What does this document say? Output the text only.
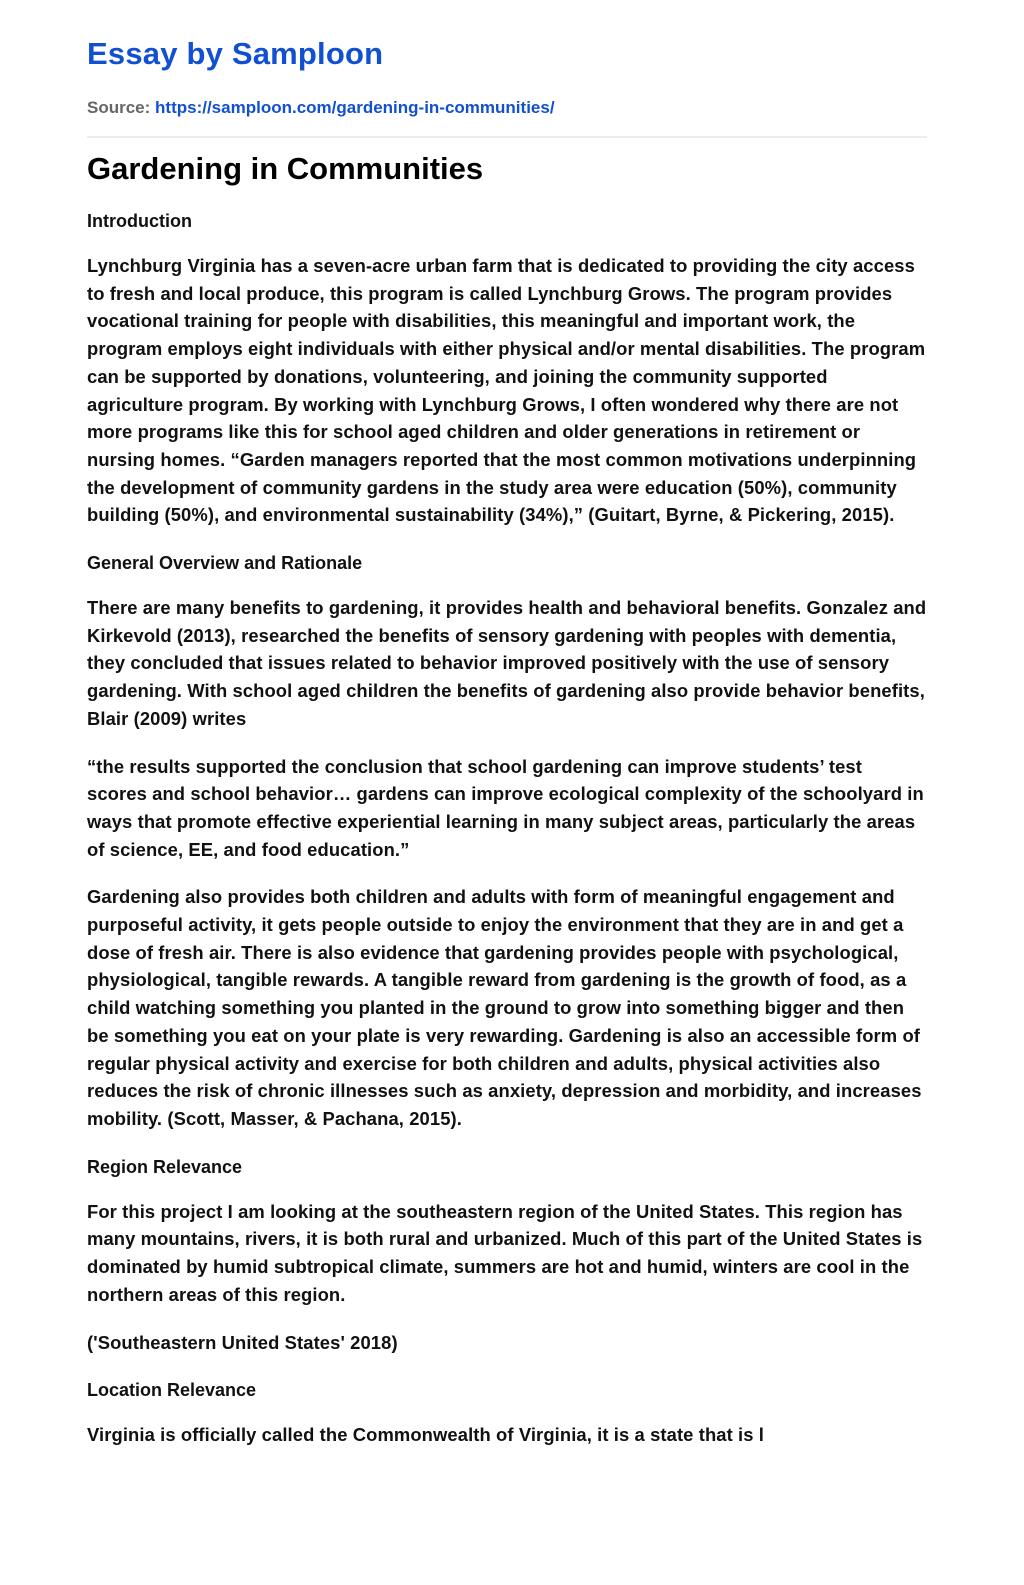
Essay by Samploon
Source: https://samploon.com/gardening-in-communities/
Gardening in Communities
Introduction

Lynchburg Virginia has a seven-acre urban farm that is dedicated to providing the city access to fresh and local produce, this program is called Lynchburg Grows. The program provides vocational training for people with disabilities, this meaningful and important work, the program employs eight individuals with either physical and/or mental disabilities. The program can be supported by donations, volunteering, and joining the community supported agriculture program. By working with Lynchburg Grows, I often wondered why there are not more programs like this for school aged children and older generations in retirement or nursing homes. “Garden managers reported that the most common motivations underpinning the development of community gardens in the study area were education (50%), community building (50%), and environmental sustainability (34%),” (Guitart, Byrne, & Pickering, 2015).

General Overview and Rationale

There are many benefits to gardening, it provides health and behavioral benefits. Gonzalez and Kirkevold (2013), researched the benefits of sensory gardening with peoples with dementia, they concluded that issues related to behavior improved positively with the use of sensory gardening. With school aged children the benefits of gardening also provide behavior benefits, Blair (2009) writes

“the results supported the conclusion that school gardening can improve students’ test scores and school behavior… gardens can improve ecological complexity of the schoolyard in ways that promote effective experiential learning in many subject areas, particularly the areas of science, EE, and food education.”

Gardening also provides both children and adults with form of meaningful engagement and purposeful activity, it gets people outside to enjoy the environment that they are in and get a dose of fresh air. There is also evidence that gardening provides people with psychological, physiological, tangible rewards. A tangible reward from gardening is the growth of food, as a child watching something you planted in the ground to grow into something bigger and then be something you eat on your plate is very rewarding. Gardening is also an accessible form of regular physical activity and exercise for both children and adults, physical activities also reduces the risk of chronic illnesses such as anxiety, depression and morbidity, and increases mobility. (Scott, Masser, & Pachana, 2015).

Region Relevance

For this project I am looking at the southeastern region of the United States. This region has many mountains, rivers, it is both rural and urbanized. Much of this part of the United States is dominated by humid subtropical climate, summers are hot and humid, winters are cool in the northern areas of this region.

('Southeastern United States' 2018)

Location Relevance

Virginia is officially called the Commonwealth of Virginia, it is a state that is l
